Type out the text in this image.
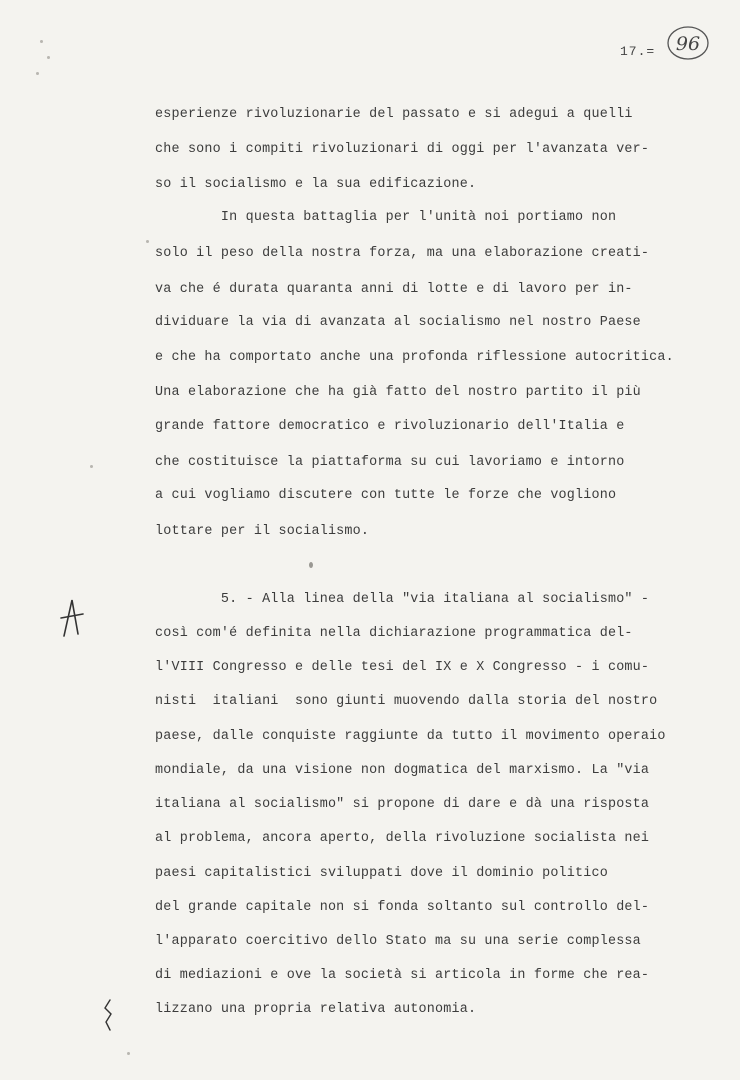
17.= 96
esperienze rivoluzionarie del passato e si adegui a quelli
che sono i compiti rivoluzionari di oggi per l'avanzata ver-
so il socialismo e la sua edificazione.
In questa battaglia per l'unità noi portiamo non
solo il peso della nostra forza, ma una elaborazione creati-
va che é durata quaranta anni di lotte e di lavoro per in-
dividuare la via di avanzata al socialismo nel nostro Paese
e che ha comportato anche una profonda riflessione autocritica.
Una elaborazione che ha già fatto del nostro partito il più
grande fattore democratico e rivoluzionario dell'Italia e
che costituisce la piattaforma su cui lavoriamo e intorno
a cui vogliamo discutere con tutte le forze che vogliono
lottare per il socialismo.
5. - Alla linea della "via italiana al socialismo" -
così com'é definita nella dichiarazione programmatica del-
l'VIII Congresso e delle tesi del IX e X Congresso - i comu-
nisti  italiani  sono giunti muovendo dalla storia del nostro
paese, dalle conquiste raggiunte da tutto il movimento operaio
mondiale, da una visione non dogmatica del marxismo. La "via
italiana al socialismo" si propone di dare e dà una risposta
al problema, ancora aperto, della rivoluzione socialista nei
paesi capitalistici sviluppati dove il dominio politico
del grande capitale non si fonda soltanto sul controllo del-
l'apparato coercitivo dello Stato ma su una serie complessa
di mediazioni e ove la società si articola in forme che rea-
lizzano una propria relativa autonomia.
